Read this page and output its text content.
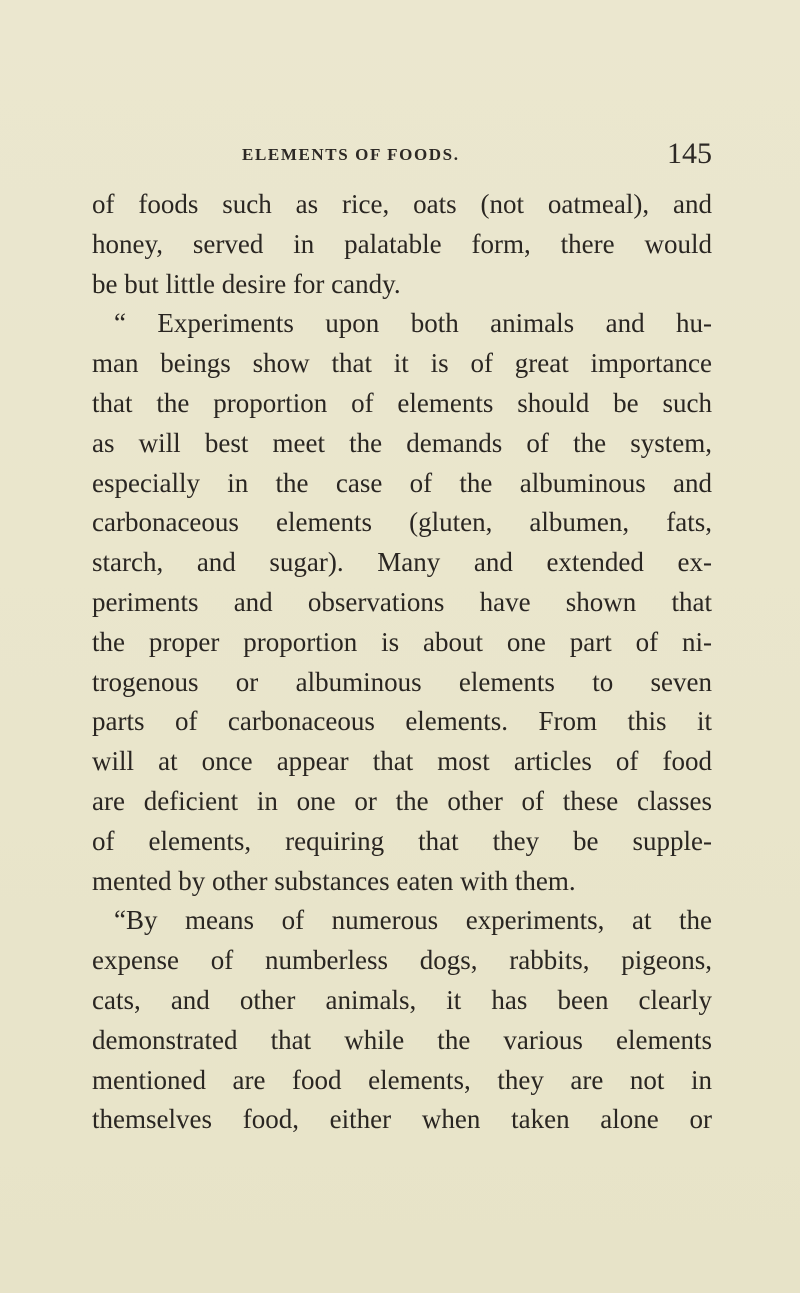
ELEMENTS OF FOODS.	145
of foods such as rice, oats (not oatmeal), and
honey, served in palatable form, there would
be but little desire for candy.
“ Experiments upon both animals and hu-
man beings show that it is of great importance
that the proportion of elements should be such
as will best meet the demands of the system,
especially in the case of the albuminous and
carbonaceous elements (gluten, albumen, fats,
starch, and sugar). Many and extended ex-
periments and observations have shown that
the proper proportion is about one part of ni-
trogenous or albuminous elements to seven
parts of carbonaceous elements. From this it
will at once appear that most articles of food
are deficient in one or the other of these classes
of elements, requiring that they be supple-
mented by other substances eaten with them.
“By means of numerous experiments, at the
expense of numberless dogs, rabbits, pigeons,
cats, and other animals, it has been clearly
demonstrated that while the various elements
mentioned are food elements, they are not in
themselves food, either when taken alone or
